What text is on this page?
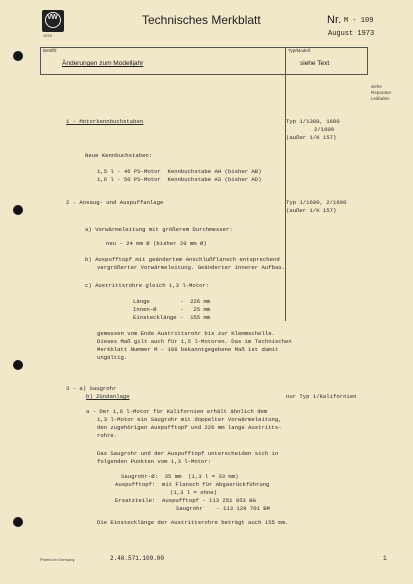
VW
1970
Technisches Merkblatt	Nr. M - 109
August 1973
Betrifft:	Typ/Modell:
Änderungen zum Modelljahr	siehe Text
siehe
Reparatur-
Leitfaden
1 - Motorkennbuchstaben	Typ 1/1300, 1600
2/1600
(außer 1/K 157)
Neue Kennbuchstaben:
1,5 l - 46 PS-Motor  Kennbuchstabe AH (bisher AB)
1,6 l - 50 PS-Motor  Kennbuchstabe AS (bisher AD)
2 - Ansaug- und Auspuffanlage	Typ 1/1600, 2/1600
(außer 1/K 157)
a) Vorwärmeleitung mit größerem Durchmesser:
neu - 24 mm Ø (bisher 20 mm Ø)
b) Auspufftopf mit geändertem Anschlußflansch entsprechend
vergrößerter Vorwärmeleitung. Geänderter innerer Aufbau.
c) Austrittsrohre gleich 1,3 l-Motor:
Länge         -  226 mm
Innen-Ø       -   25 mm
Einstecklänge -  155 mm
gemessen vom Ende Austrittsrohr bis zur Klemmschelle.
Dieses Maß gilt auch für 1,5 l-Motoren. Das im Technischen
Merkblatt Nummer M - 106 bekanntgegebene Maß ist damit
ungültig.
3 - a) Saugrohr
b) Zündanlage	nur Typ 1/Kalifornien
a - Der 1,6 l-Motor für Kalifornien erhält ähnlich dem
1,3 l-Motor ein Saugrohr mit doppelter Vorwärmeleitung,
den zugehörigen Auspufftopf und 226 mm lange Austritts-
rohre.
Das Saugrohr und der Auspufftopf unterscheiden sich in
folgenden Punkten vom 1,3 l-Motor:
Saugrohr-Ø:  35 mm  (1,3 l = 33 mm)
Auspufftopf:  mit Flansch für Abgasrückführung
(1,3 l = ohne)
Ersatzteile:  Auspufftopf - 113 251 053 BG
Saugrohr    - 113 129 701 BM
Die Einstecklänge der Austrittsrohre beträgt auch 155 mm.
Printed in Germany	2.48.571.109.00	1
